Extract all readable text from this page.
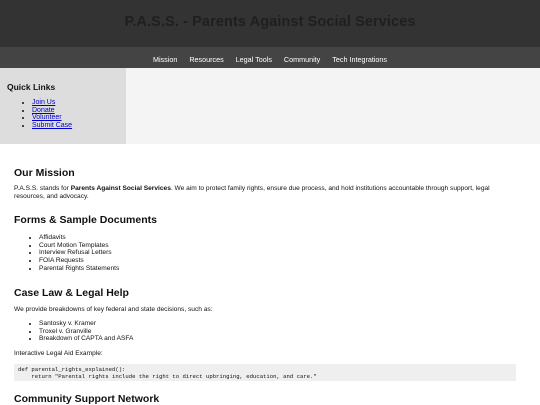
P.A.S.S. - Parents Against Social Services
Mission Resources Legal Tools Community Tech Integrations
Quick Links
• Join Us
• Donate
• Volunteer
• Submit Case
Our Mission

P.A.S.S. stands for Parents Against Social Services. We aim to protect family rights, ensure due process, and hold institutions accountable through support, legal resources, and advocacy.

Forms & Sample Documents
• Affidavits
• Court Motion Templates
• Interview Refusal Letters
• FOIA Requests
• Parental Rights Statements
Case Law & Legal Help

We provide breakdowns of key federal and state decisions, such as:

• Santosky v. Kramer
• Troxel v. Granville
• Breakdown of CAPTA and ASFA

Interactive Legal Aid Example:

def parental_rights_explained():
return "Parental rights include the right to direct upbringing, education, and care."
Community Support Network
